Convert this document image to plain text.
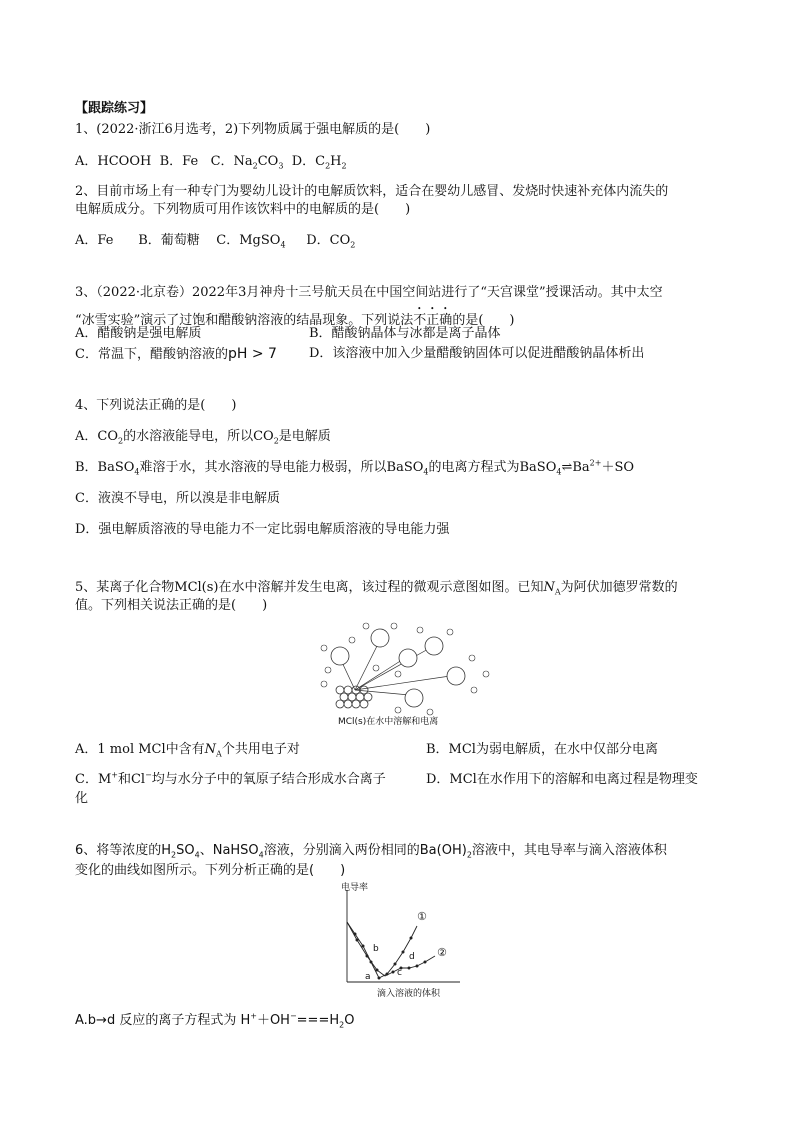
【跟踪练习】
1、(2022·浙江6月选考，2)下列物质属于强电解质的是(　　)
A．HCOOH B．Fe C．$Na_2CO_3$ D．$C_2H_2$
2、目前市场上有一种专门为婴幼儿设计的电解质饮料，适合在婴幼儿感冒、发烧时快速补充体内流失的
电解质成分。下列物质可用作该饮料中的电解质的是(　　)
A．Fe B．葡萄糖 C．MgSO$_4$ D．$CO_2$
3、（2022·北京卷）2022年3月神舟十三号航天员在中国空间站进行了“天宫课堂”授课活动。其中太空
“冰雪实验”演示了过饱和醋酸钠溶液的结晶现象。下列说法不正确的是(　　)
A．醋酸钠是强电解质	B．醋酸钠晶体与冰都是离子晶体
C．常温下，醋酸钠溶液的pH > 7 D．该溶液中加入少量醋酸钠固体可以促进醋酸钠晶体析出
4、下列说法正确的是(　　)
A．$CO_2$的水溶液能导电，所以$CO_2$是电解质
B．BaSO$_4$难溶于水，其水溶液的导电能力极弱，所以BaSO$_4$的电离方程式为$BaSO_4\rightleftharpoons Ba^{2+}+SO$
C．液溴不导电，所以溴是非电解质
D．强电解质溶液的导电能力不一定比弱电解质溶液的导电能力强
5、某离子化合物MCl(s)在水中溶解并发生电离，该过程的微观示意图如图。已知$N_A$为阿伏加德罗常数的
值。下列相关说法正确的是(　　)
MCl(s)在水中溶解和电离
A．1 mol MCl中含有$N_A$个共用电子对	B．MCl为弱电解质，在水中仅部分电离
C．M+和Cl−均与水分子中的氧原子结合形成水合离子	D．MCl在水作用下的溶解和电离过程是物理变
化
6、将等浓度的$H_2SO_4$、NaHSO$_4$溶液，分别滴入两份相同的$Ba(OH)_2$溶液中，其电导率与滴入溶液体积
变化的曲线如图所示。下列分析正确的是(　　)
电导率
①
②
b
d
c
a
滴入溶液的体积
A.b→d 反应的离子方程式为 $H^++OH^-===H_2O$
